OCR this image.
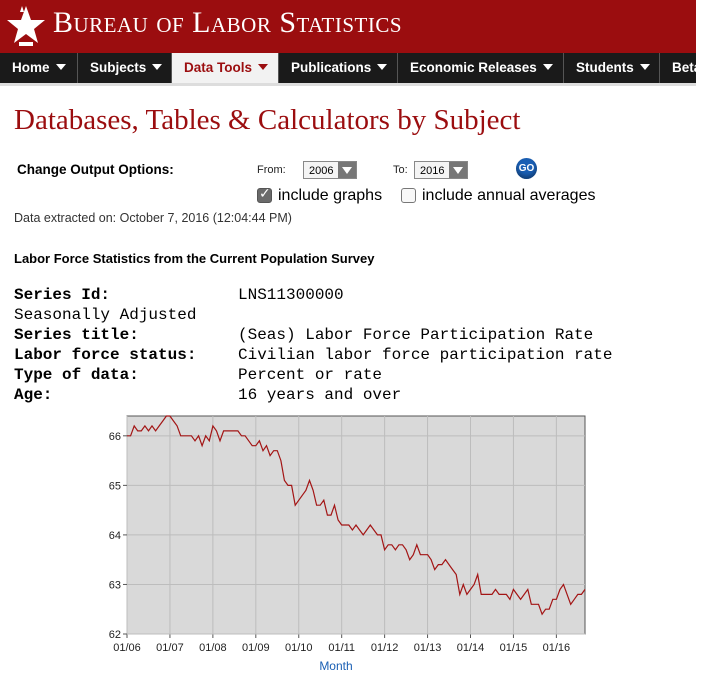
Bureau of Labor Statistics
Home	Subjects	Data Tools	Publications	Economic Releases	Students	Beta
Databases, Tables & Calculators by Subject
Change Output Options:	From:	2006	To:	2016	GO
✓
include graphs include annual averages
Data extracted on: October 7, 2016 (12:04:44 PM)
Labor Force Statistics from the Current Population Survey
Series Id:	LNS11300000
Seasonally Adjusted
Series title:	(Seas) Labor Force Participation Rate
Labor force status:	Civilian labor force participation rate
Type of data:	Percent or rate
Age:	16 years and over
01/06 01/07 01/08 01/09 01/10 01/11 01/12 01/13 01/14 01/15 01/16
62
63
64
65
66
Month
